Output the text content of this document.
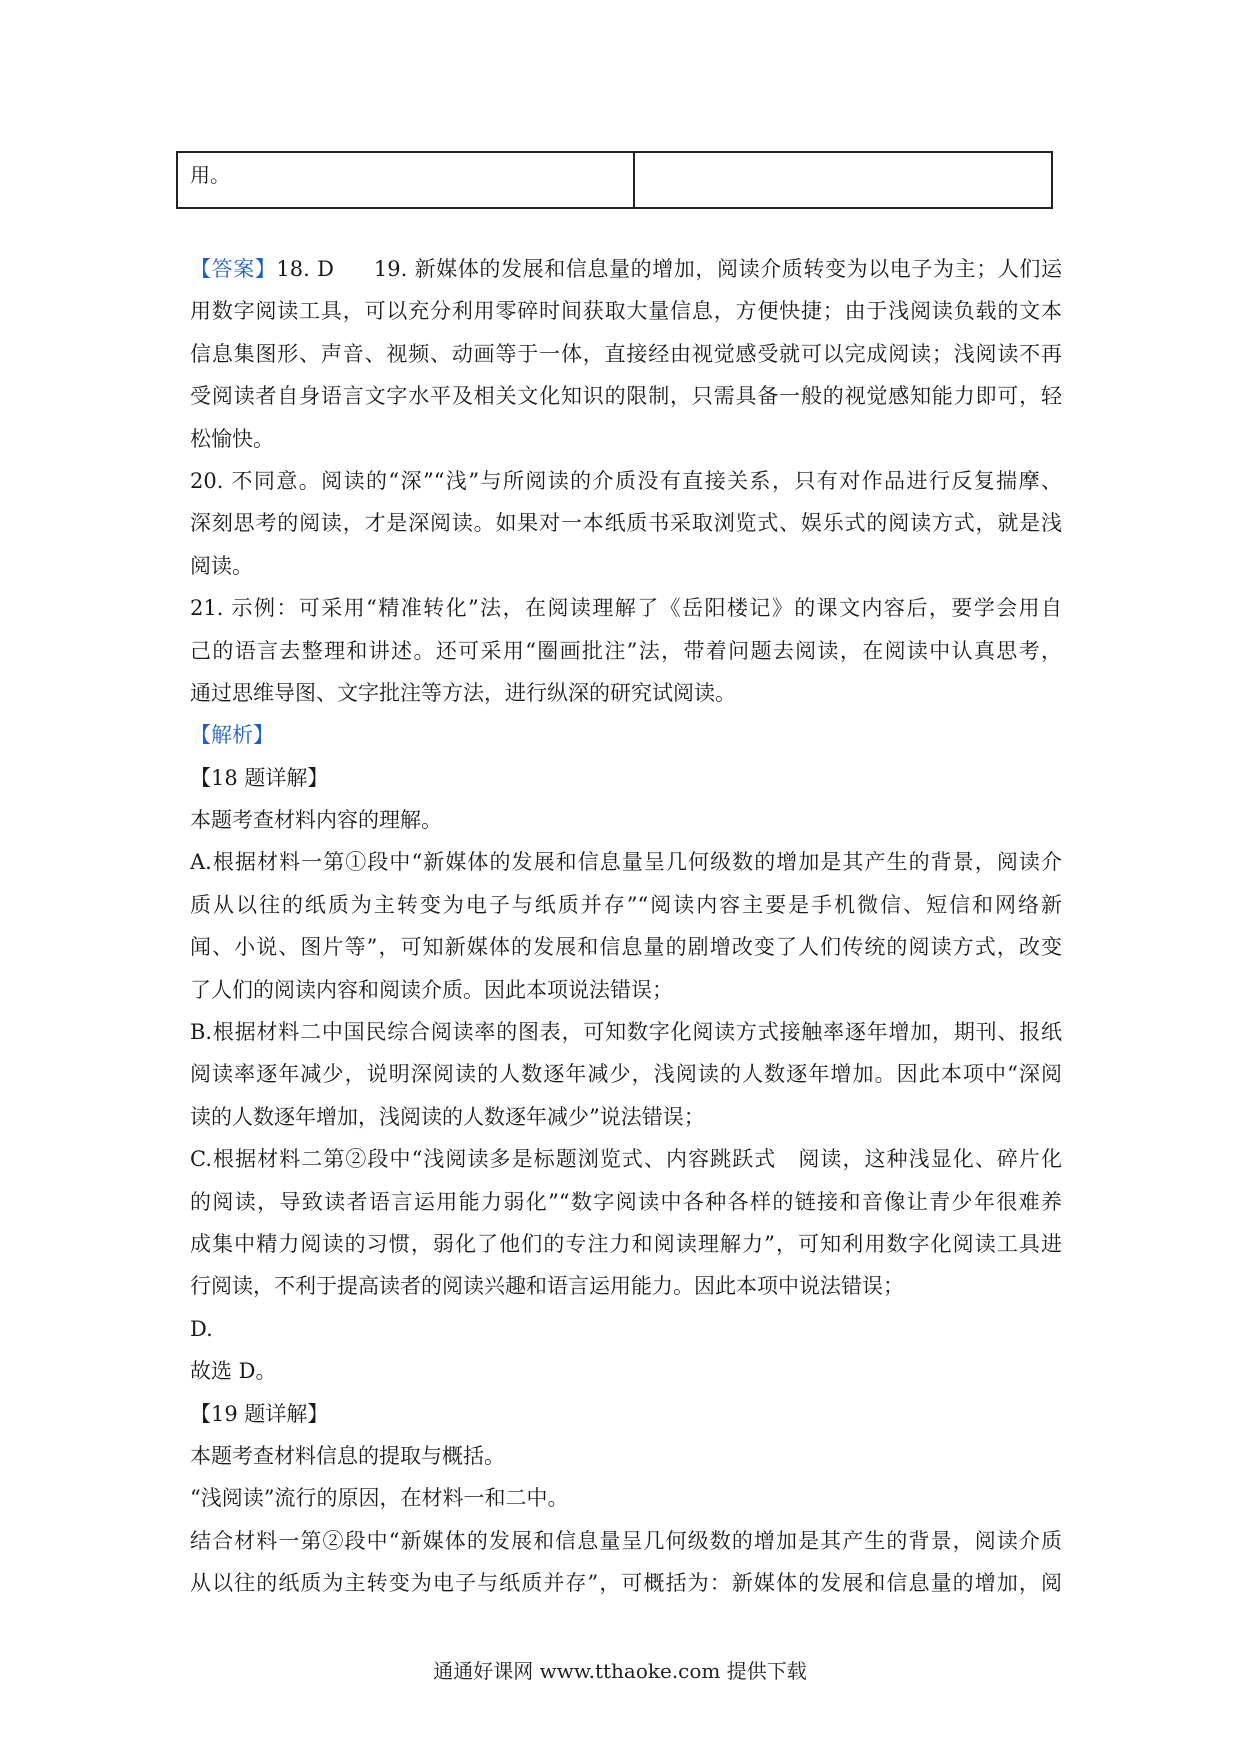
用。
【答案】18. D 19. 新媒体的发展和信息量的增加，阅读介质转变为以电子为主；人们运
用数字阅读工具，可以充分利用零碎时间获取大量信息，方便快捷；由于浅阅读负载的文本
信息集图形、声音、视频、动画等于一体，直接经由视觉感受就可以完成阅读；浅阅读不再
受阅读者自身语言文字水平及相关文化知识的限制，只需具备一般的视觉感知能力即可，轻
松愉快。
20. 不同意。阅读的“深”“浅”与所阅读的介质没有直接关系，只有对作品进行反复揣摩、
深刻思考的阅读，才是深阅读。如果对一本纸质书采取浏览式、娱乐式的阅读方式，就是浅
阅读。
21. 示例：可采用“精准转化”法，在阅读理解了《岳阳楼记》的课文内容后，要学会用自
己的语言去整理和讲述。还可采用“圈画批注”法，带着问题去阅读，在阅读中认真思考，
通过思维导图、文字批注等方法，进行纵深的研究试阅读。
【解析】
【18 题详解】
本题考查材料内容的理解。
A.根据材料一第①段中“新媒体的发展和信息量呈几何级数的增加是其产生的背景，阅读介
质从以往的纸质为主转变为电子与纸质并存”“阅读内容主要是手机微信、短信和网络新
闻、小说、图片等”，可知新媒体的发展和信息量的剧增改变了人们传统的阅读方式，改变
了人们的阅读内容和阅读介质。因此本项说法错误；
B.根据材料二中国民综合阅读率的图表，可知数字化阅读方式接触率逐年增加，期刊、报纸
阅读率逐年减少，说明深阅读的人数逐年减少，浅阅读的人数逐年增加。因此本项中“深阅
读的人数逐年增加，浅阅读的人数逐年减少”说法错误；
C.根据材料二第②段中“浅阅读多是标题浏览式、内容跳跃式　阅读，这种浅显化、碎片化
的阅读，导致读者语言运用能力弱化”“数字阅读中各种各样的链接和音像让青少年很难养
成集中精力阅读的习惯，弱化了他们的专注力和阅读理解力”，可知利用数字化阅读工具进
行阅读，不利于提高读者的阅读兴趣和语言运用能力。因此本项中说法错误；
D.
故选 D。
【19 题详解】
本题考查材料信息的提取与概括。
“浅阅读”流行的原因，在材料一和二中。
结合材料一第②段中“新媒体的发展和信息量呈几何级数的增加是其产生的背景，阅读介质
从以往的纸质为主转变为电子与纸质并存”，可概括为：新媒体的发展和信息量的增加，阅
通通好课网 www.tthaoke.com 提供下载
